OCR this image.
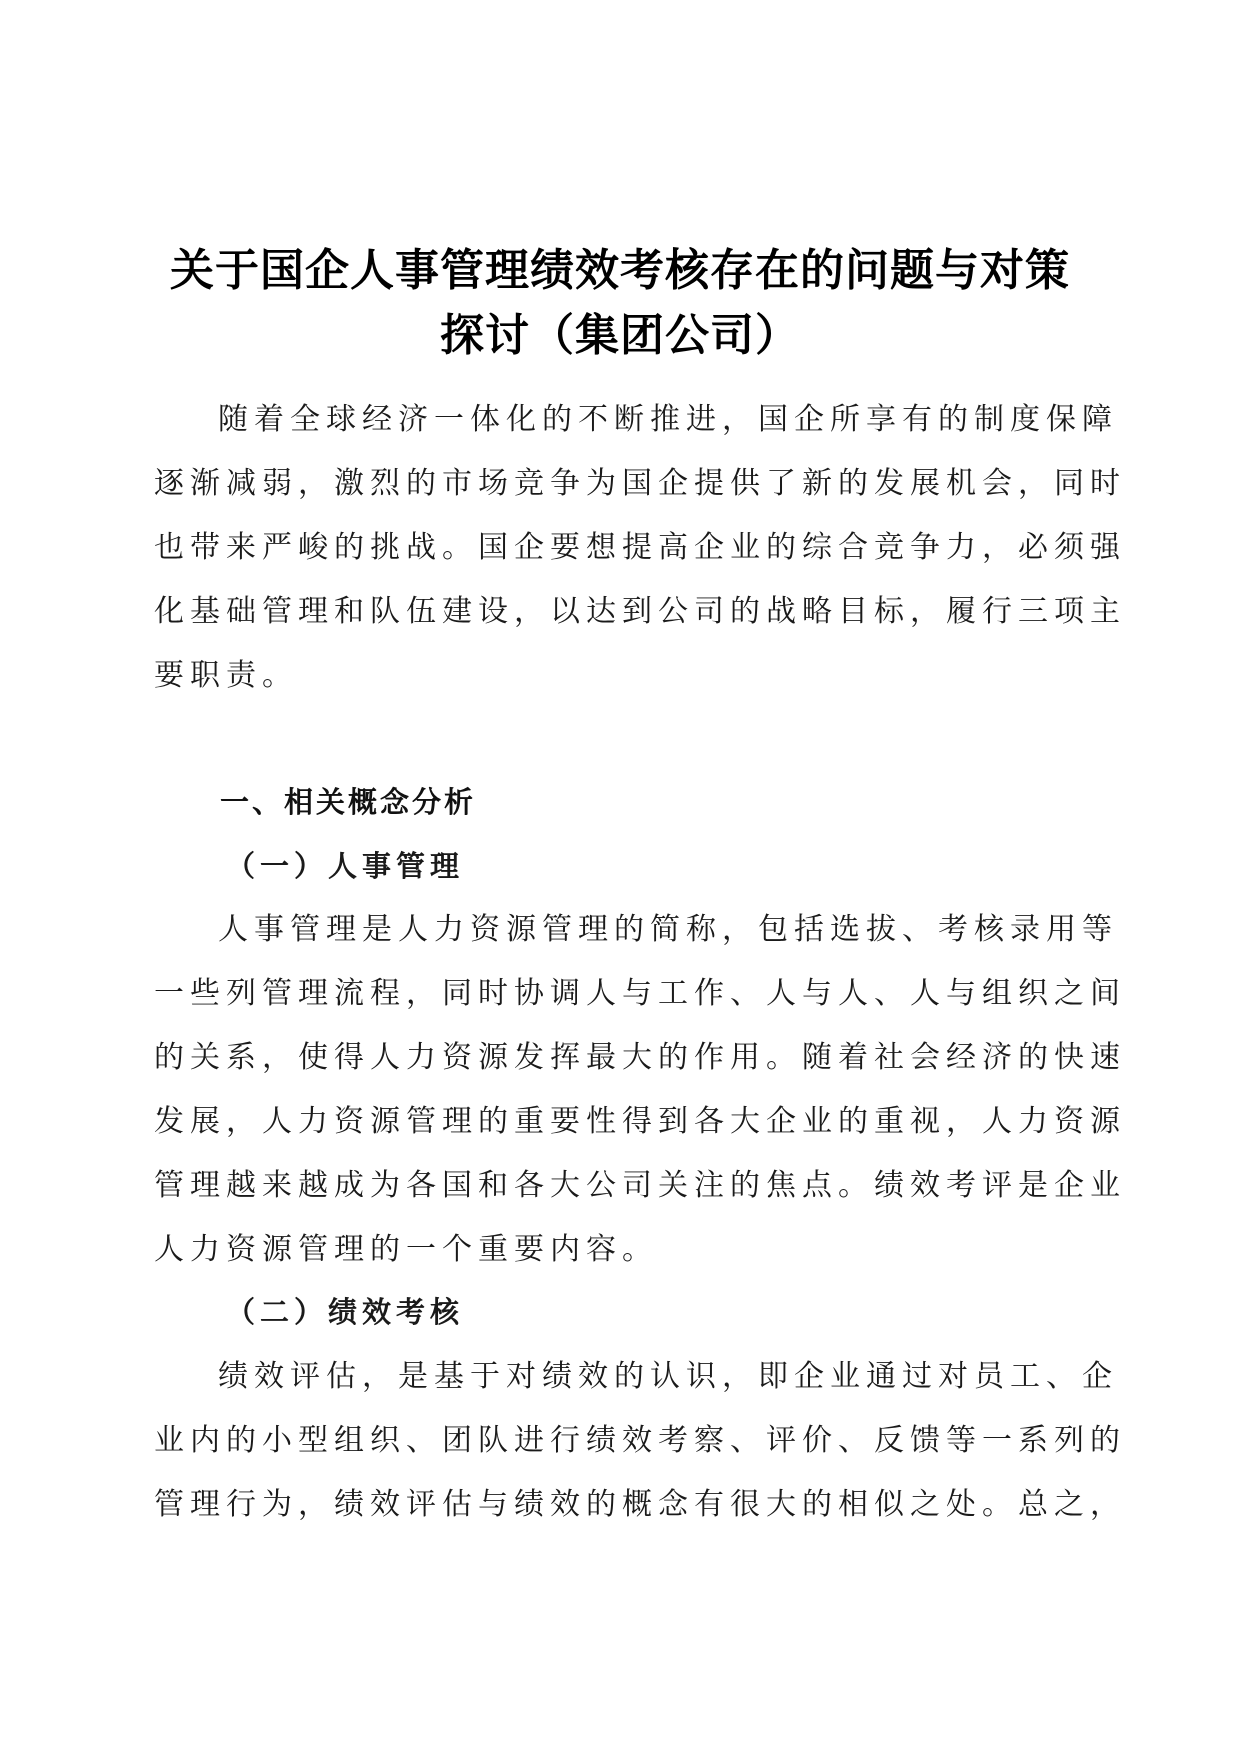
关于国企人事管理绩效考核存在的问题与对策
探讨（集团公司）
随着全球经济一体化的不断推进，国企所享有的制度保障
逐渐减弱，激烈的市场竞争为国企提供了新的发展机会，同时
也带来严峻的挑战。国企要想提高企业的综合竞争力，必须强
化基础管理和队伍建设，以达到公司的战略目标，履行三项主
要职责。
一、相关概念分析
（一）人事管理
人事管理是人力资源管理的简称，包括选拔、考核录用等
一些列管理流程，同时协调人与工作、人与人、人与组织之间
的关系，使得人力资源发挥最大的作用。随着社会经济的快速
发展，人力资源管理的重要性得到各大企业的重视，人力资源
管理越来越成为各国和各大公司关注的焦点。绩效考评是企业
人力资源管理的一个重要内容。
（二）绩效考核
绩效评估，是基于对绩效的认识，即企业通过对员工、企
业内的小型组织、团队进行绩效考察、评价、反馈等一系列的
管理行为，绩效评估与绩效的概念有很大的相似之处。总之，
